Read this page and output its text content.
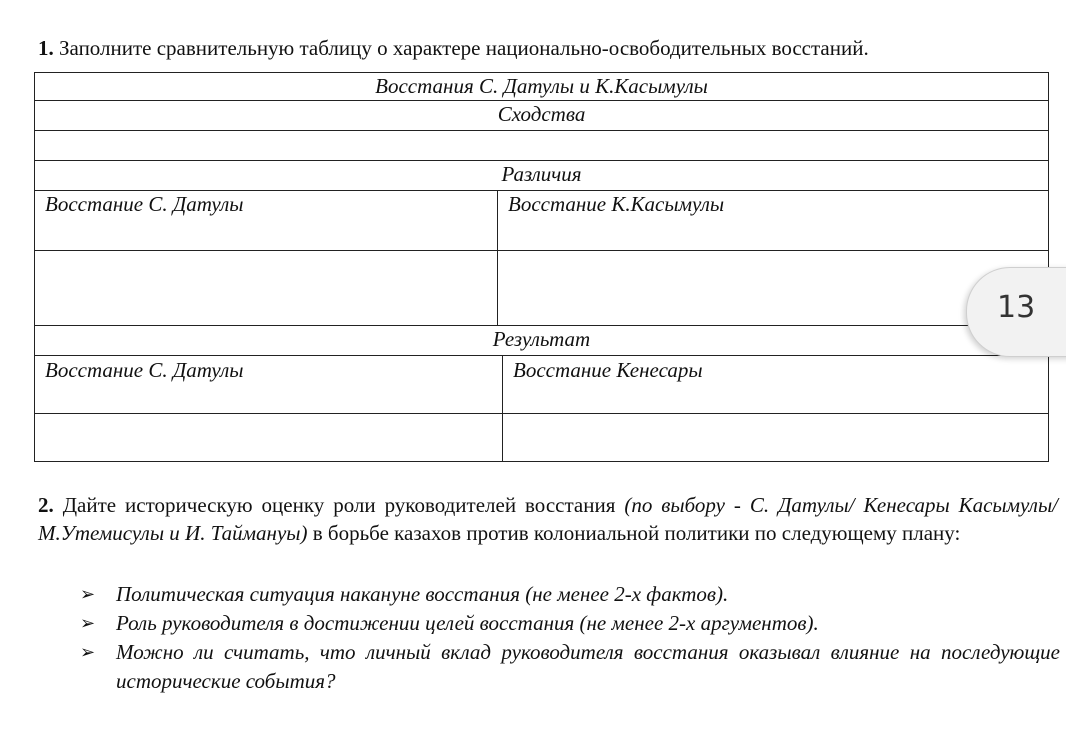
1. Заполните сравнительную таблицу о характере национально-освободительных восстаний.
Восстания С. Датулы и К.Касымулы	
Сходства	

Различия	
Восстание С. Датулы	Восстание К.Касымулы

Результат	
Восстание С. Датулы	Восстание Кенесары

13
2. Дайте историческую оценку роли руководителей восстания (по выбору - С. Датулы/ Кенесары Касымулы/ М.Утемисулы и И. Таймануы) в борьбе казахов против колониальной политики по следующему плану:
➢ Политическая ситуация накануне восстания (не менее 2-х фактов).
➢ Роль руководителя в достижении целей восстания (не менее 2-х аргументов).
➢ Можно ли считать, что личный вклад руководителя восстания оказывал влияние на последующие исторические события?
